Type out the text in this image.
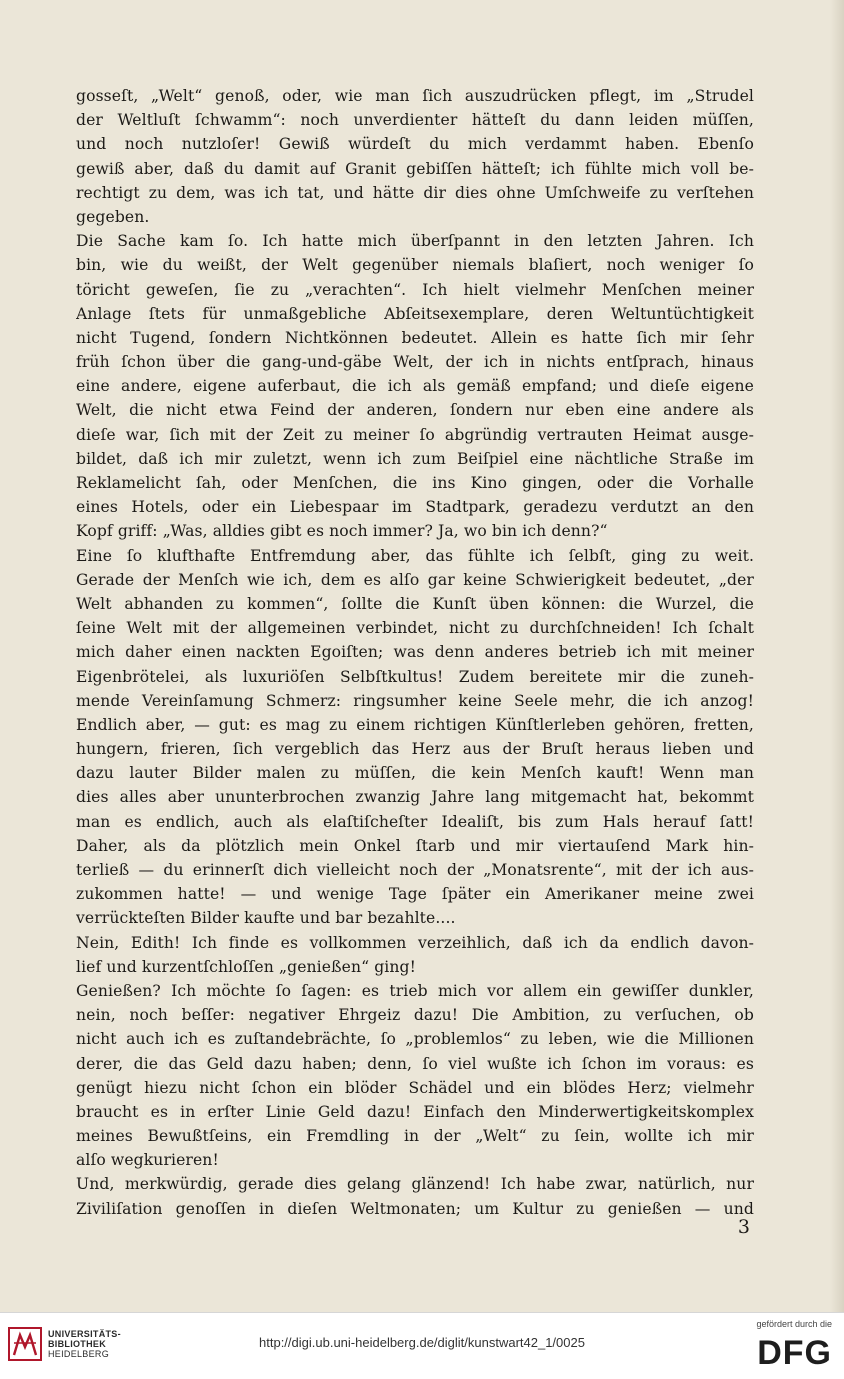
gosseſt, „Welt“ genoß, oder, wie man ſich auszudrücken pflegt, im „Strudel
der Weltluſt ſchwamm“: noch unverdienter hätteſt du dann leiden müſſen,
und noch nutzloſer! Gewiß würdeſt du mich verdammt haben. Ebenſo
gewiß aber, daß du damit auf Granit gebiſſen hätteſt; ich fühlte mich voll be-
rechtigt zu dem, was ich tat, und hätte dir dies ohne Umſchweife zu verſtehen
gegeben.
Die Sache kam ſo. Ich hatte mich überſpannt in den letzten Jahren. Ich
bin, wie du weißt, der Welt gegenüber niemals blaſiert, noch weniger ſo
töricht geweſen, ſie zu „verachten“. Ich hielt vielmehr Menſchen meiner
Anlage ſtets für unmaßgebliche Abſeitsexemplare, deren Weltuntüchtigkeit
nicht Tugend, ſondern Nichtkönnen bedeutet. Allein es hatte ſich mir ſehr
früh ſchon über die gang-und-gäbe Welt, der ich in nichts entſprach, hinaus
eine andere, eigene auferbaut, die ich als gemäß empfand; und dieſe eigene
Welt, die nicht etwa Feind der anderen, ſondern nur eben eine andere als
dieſe war, ſich mit der Zeit zu meiner ſo abgründig vertrauten Heimat ausge-
bildet, daß ich mir zuletzt, wenn ich zum Beiſpiel eine nächtliche Straße im
Reklamelicht ſah, oder Menſchen, die ins Kino gingen, oder die Vorhalle
eines Hotels, oder ein Liebespaar im Stadtpark, geradezu verdutzt an den
Kopf griff: „Was, alldies gibt es noch immer? Ja, wo bin ich denn?“
Eine ſo klufthafte Entfremdung aber, das fühlte ich ſelbſt, ging zu weit.
Gerade der Menſch wie ich, dem es alſo gar keine Schwierigkeit bedeutet, „der
Welt abhanden zu kommen“, ſollte die Kunſt üben können: die Wurzel, die
ſeine Welt mit der allgemeinen verbindet, nicht zu durchſchneiden! Ich ſchalt
mich daher einen nackten Egoiſten; was denn anderes betrieb ich mit meiner
Eigenbrötelei, als luxuriöſen Selbſtkultus! Zudem bereitete mir die zuneh-
mende Vereinſamung Schmerz: ringsumher keine Seele mehr, die ich anzog!
Endlich aber, — gut: es mag zu einem richtigen Künſtlerleben gehören, fretten,
hungern, frieren, ſich vergeblich das Herz aus der Bruſt heraus lieben und
dazu lauter Bilder malen zu müſſen, die kein Menſch kauft! Wenn man
dies alles aber ununterbrochen zwanzig Jahre lang mitgemacht hat, bekommt
man es endlich, auch als elaſtiſcheſter Idealiſt, bis zum Hals herauf ſatt!
Daher, als da plötzlich mein Onkel ſtarb und mir viertauſend Mark hin-
terließ — du erinnerſt dich vielleicht noch der „Monatsrente“, mit der ich aus-
zukommen hatte! — und wenige Tage ſpäter ein Amerikaner meine zwei
verrückteſten Bilder kaufte und bar bezahlte....
Nein, Edith! Ich finde es vollkommen verzeihlich, daß ich da endlich davon-
lief und kurzentſchloſſen „genießen“ ging!
Genießen? Ich möchte ſo ſagen: es trieb mich vor allem ein gewiſſer dunkler,
nein, noch beſſer: negativer Ehrgeiz dazu! Die Ambition, zu verſuchen, ob
nicht auch ich es zuſtandebrächte, ſo „problemlos“ zu leben, wie die Millionen
derer, die das Geld dazu haben; denn, ſo viel wußte ich ſchon im voraus: es
genügt hiezu nicht ſchon ein blöder Schädel und ein blödes Herz; vielmehr
braucht es in erſter Linie Geld dazu! Einfach den Minderwertigkeitskomplex
meines Bewußtſeins, ein Fremdling in der „Welt“ zu ſein, wollte ich mir
alſo wegkurieren!
Und, merkwürdig, gerade dies gelang glänzend! Ich habe zwar, natürlich, nur
Ziviliſation genoſſen in dieſen Weltmonaten; um Kultur zu genießen — und
3
UNIVERSITÄTS-
BIBLIOTHEK
HEIDELBERG
http://digi.ub.uni-heidelberg.de/diglit/kunstwart42_1/0025
gefördert durch die
DFG
